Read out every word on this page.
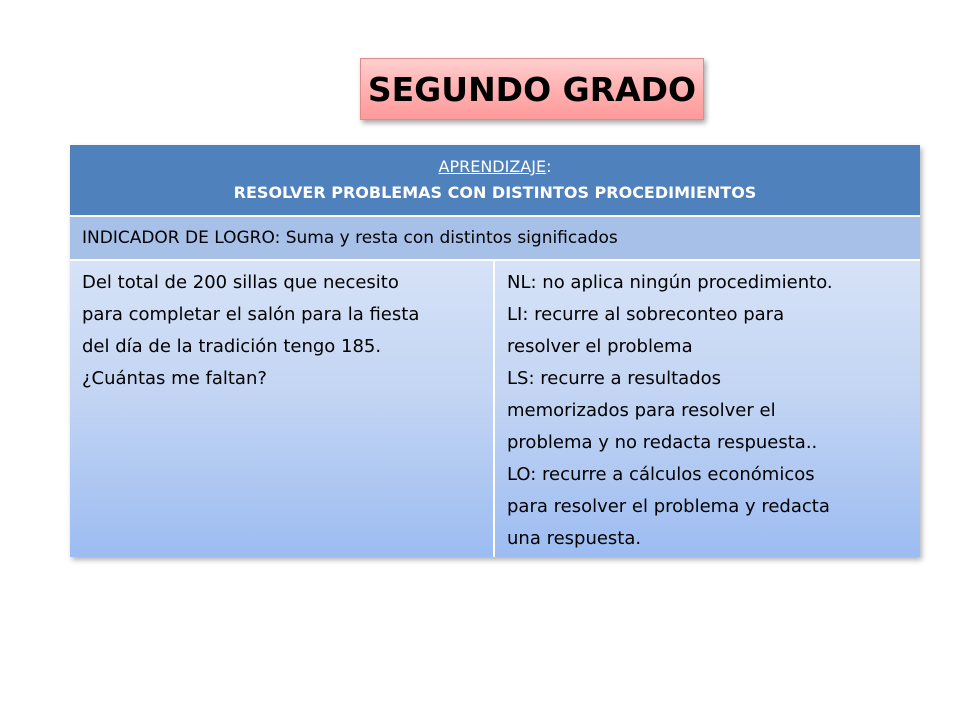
SEGUNDO GRADO
APRENDIZAJE :
RESOLVER PROBLEMAS CON DISTINTOS PROCEDIMIENTOS
INDICADOR DE LOGRO: Suma y resta con distintos significados
Del total de 200 sillas que necesito
para completar el salón para la fiesta
del día de la tradición tengo 185.
¿Cuántas me faltan?
NL: no aplica ningún procedimiento.
LI: recurre al sobreconteo para
resolver el problema
LS: recurre a resultados
memorizados para resolver el
problema y no redacta respuesta..
LO: recurre a cálculos económicos
para resolver el problema y redacta
una respuesta.
